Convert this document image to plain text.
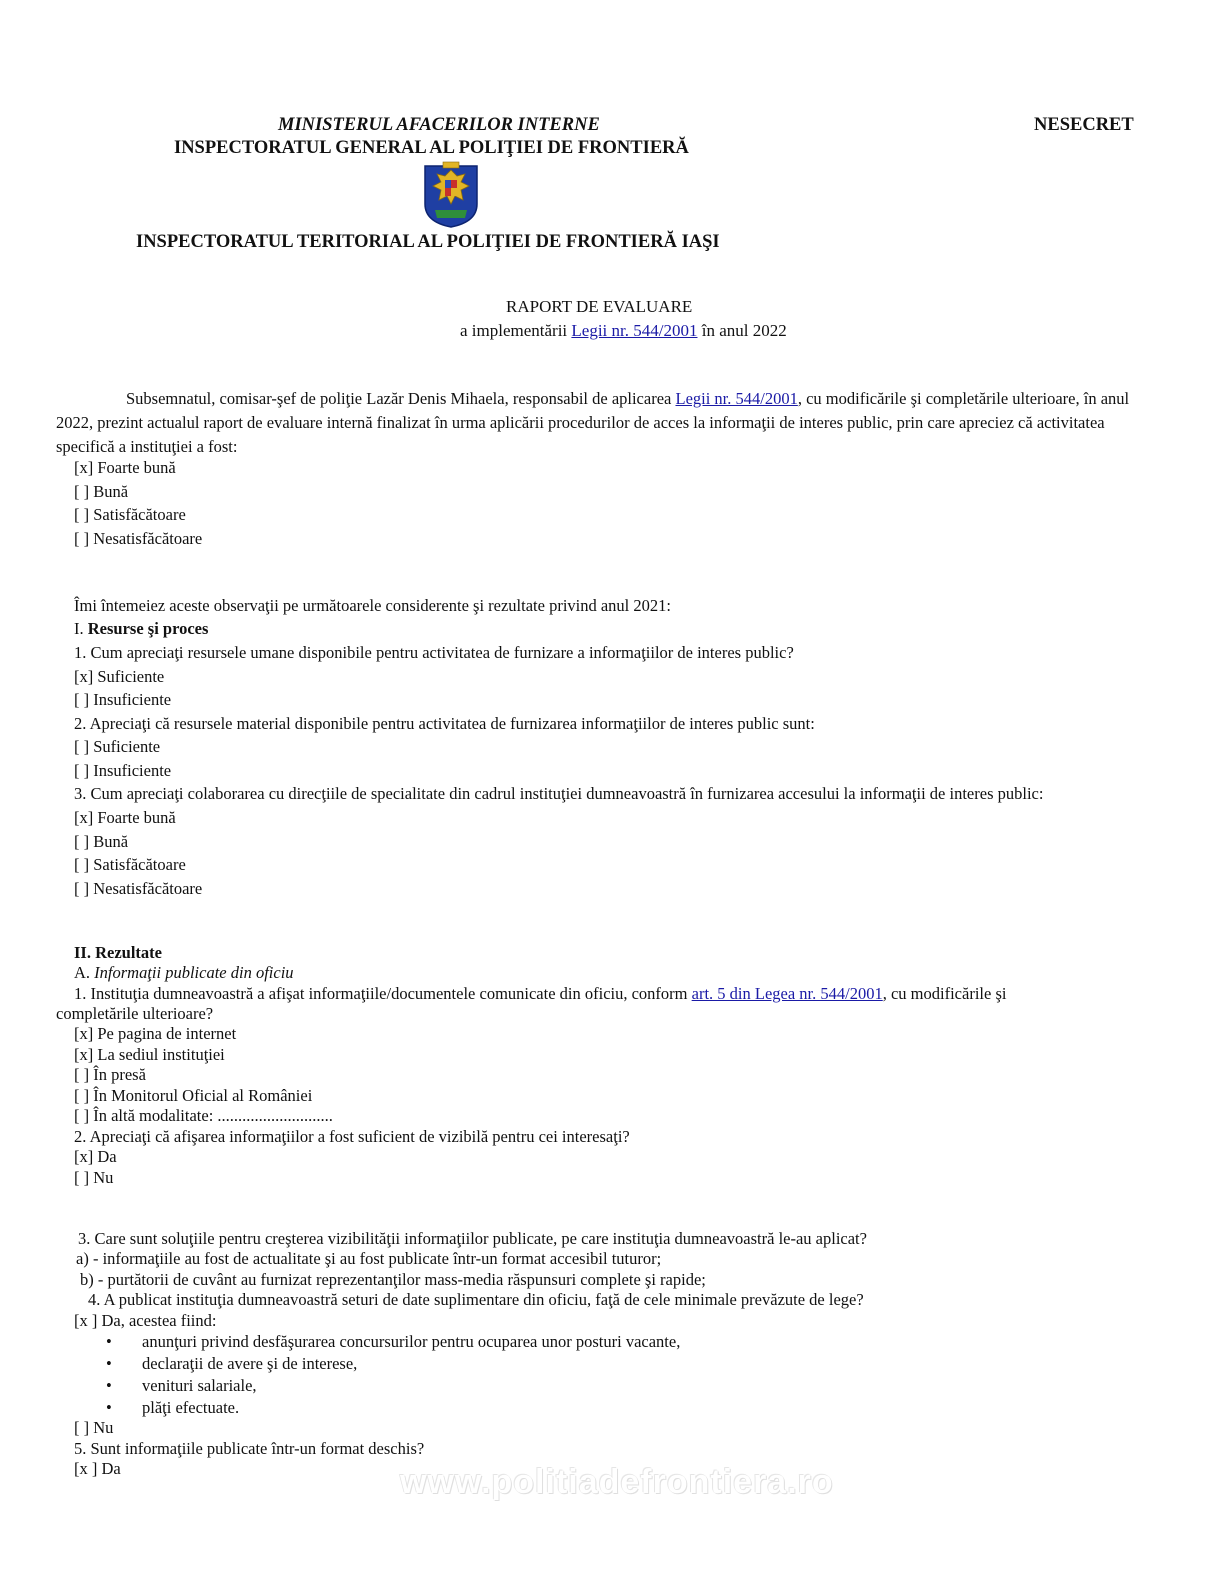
MINISTERUL AFACERILOR INTERNE	NESECRET
INSPECTORATUL GENERAL AL POLIŢIEI DE FRONTIERĂ
INSPECTORATUL TERITORIAL AL POLIŢIEI DE FRONTIERĂ IAŞI
RAPORT DE EVALUARE
a implementării Legii nr. 544/2001 în anul 2022
Subsemnatul, comisar-şef de poliţie Lazăr Denis Mihaela, responsabil de aplicarea Legii nr. 544/2001, cu modificările şi completările ulterioare, în anul 2022, prezint actualul raport de evaluare internă finalizat în urma aplicării procedurilor de acces la informaţii de interes public, prin care apreciez că activitatea specifică a instituţiei a fost:
[x] Foarte bună
[ ] Bună
[ ] Satisfăcătoare
[ ] Nesatisfăcătoare
Îmi întemeiez aceste observaţii pe următoarele considerente şi rezultate privind anul 2021:
I. Resurse şi proces
1. Cum apreciaţi resursele umane disponibile pentru activitatea de furnizare a informaţiilor de interes public?
[x] Suficiente
[ ] Insuficiente
2. Apreciaţi că resursele material disponibile pentru activitatea de furnizarea informaţiilor de interes public sunt:
[ ] Suficiente
[ ] Insuficiente
3. Cum apreciaţi colaborarea cu direcţiile de specialitate din cadrul instituţiei dumneavoastră în furnizarea accesului la informaţii de interes public:
[x] Foarte bună
[ ] Bună
[ ] Satisfăcătoare
[ ] Nesatisfăcătoare
II. Rezultate
A. Informaţii publicate din oficiu
1. Instituţia dumneavoastră a afişat informaţiile/documentele comunicate din oficiu, conform art. 5 din Legea nr. 544/2001, cu modificările şi
completările ulterioare?
[x] Pe pagina de internet
[x] La sediul instituţiei
[ ] În presă
[ ] În Monitorul Oficial al României
[ ] În altă modalitate: ............................
2. Apreciaţi că afişarea informaţiilor a fost suficient de vizibilă pentru cei interesaţi?
[x] Da
[ ] Nu
3. Care sunt soluţiile pentru creşterea vizibilităţii informaţiilor publicate, pe care instituţia dumneavoastră le-au aplicat?
a) - informaţiile au fost de actualitate şi au fost publicate într-un format accesibil tuturor;
b) - purtătorii de cuvânt au furnizat reprezentanţilor mass-media răspunsuri complete şi rapide;
4. A publicat instituţia dumneavoastră seturi de date suplimentare din oficiu, faţă de cele minimale prevăzute de lege?
[x ] Da, acestea fiind:
• anunţuri privind desfăşurarea concursurilor pentru ocuparea unor posturi vacante,
• declaraţii de avere şi de interese,
• venituri salariale,
• plăţi efectuate.
[ ] Nu
5. Sunt informaţiile publicate într-un format deschis?
[x ] Da	www.politiadefrontiera.ro
